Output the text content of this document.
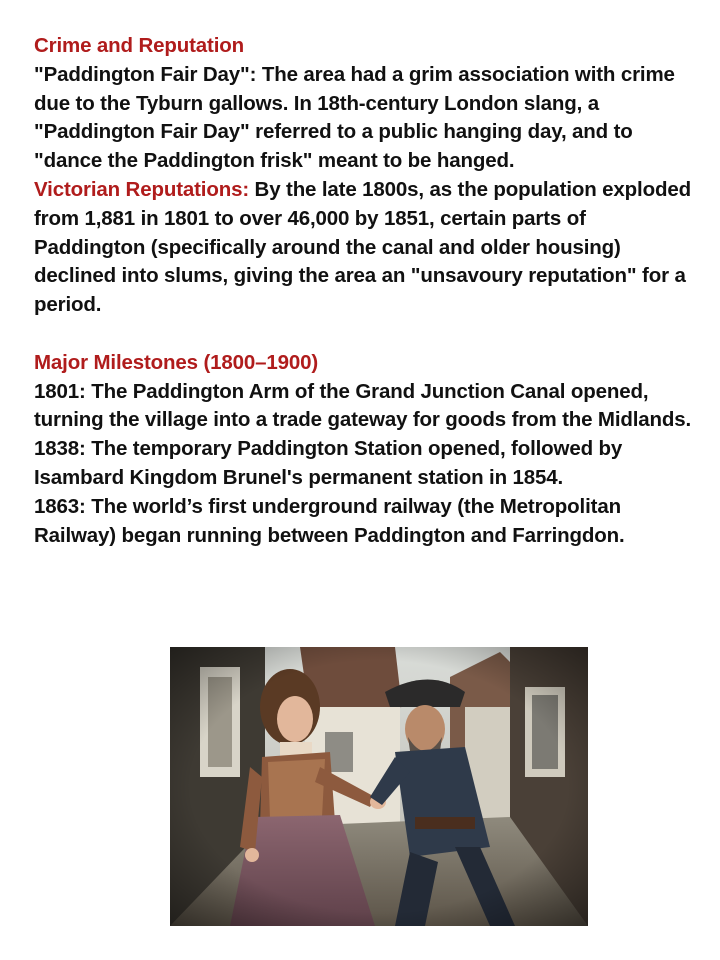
Crime and Reputation

"Paddington Fair Day": The area had a grim association with crime due to the Tyburn gallows. In 18th-century London slang, a "Paddington Fair Day" referred to a public hanging day, and to "dance the Paddington frisk" meant to be hanged.

Victorian Reputations: By the late 1800s, as the population exploded from 1,881 in 1801 to over 46,000 by 1851, certain parts of Paddington (specifically around the canal and older housing) declined into slums, giving the area an "unsavoury reputation" for a period.

Major Milestones (1800–1900)

1801: The Paddington Arm of the Grand Junction Canal opened, turning the village into a trade gateway for goods from the Midlands.

1838: The temporary Paddington Station opened, followed by Isambard Kingdom Brunel's permanent station in 1854.

1863: The world’s first underground railway (the Metropolitan Railway) began running between Paddington and Farringdon.
